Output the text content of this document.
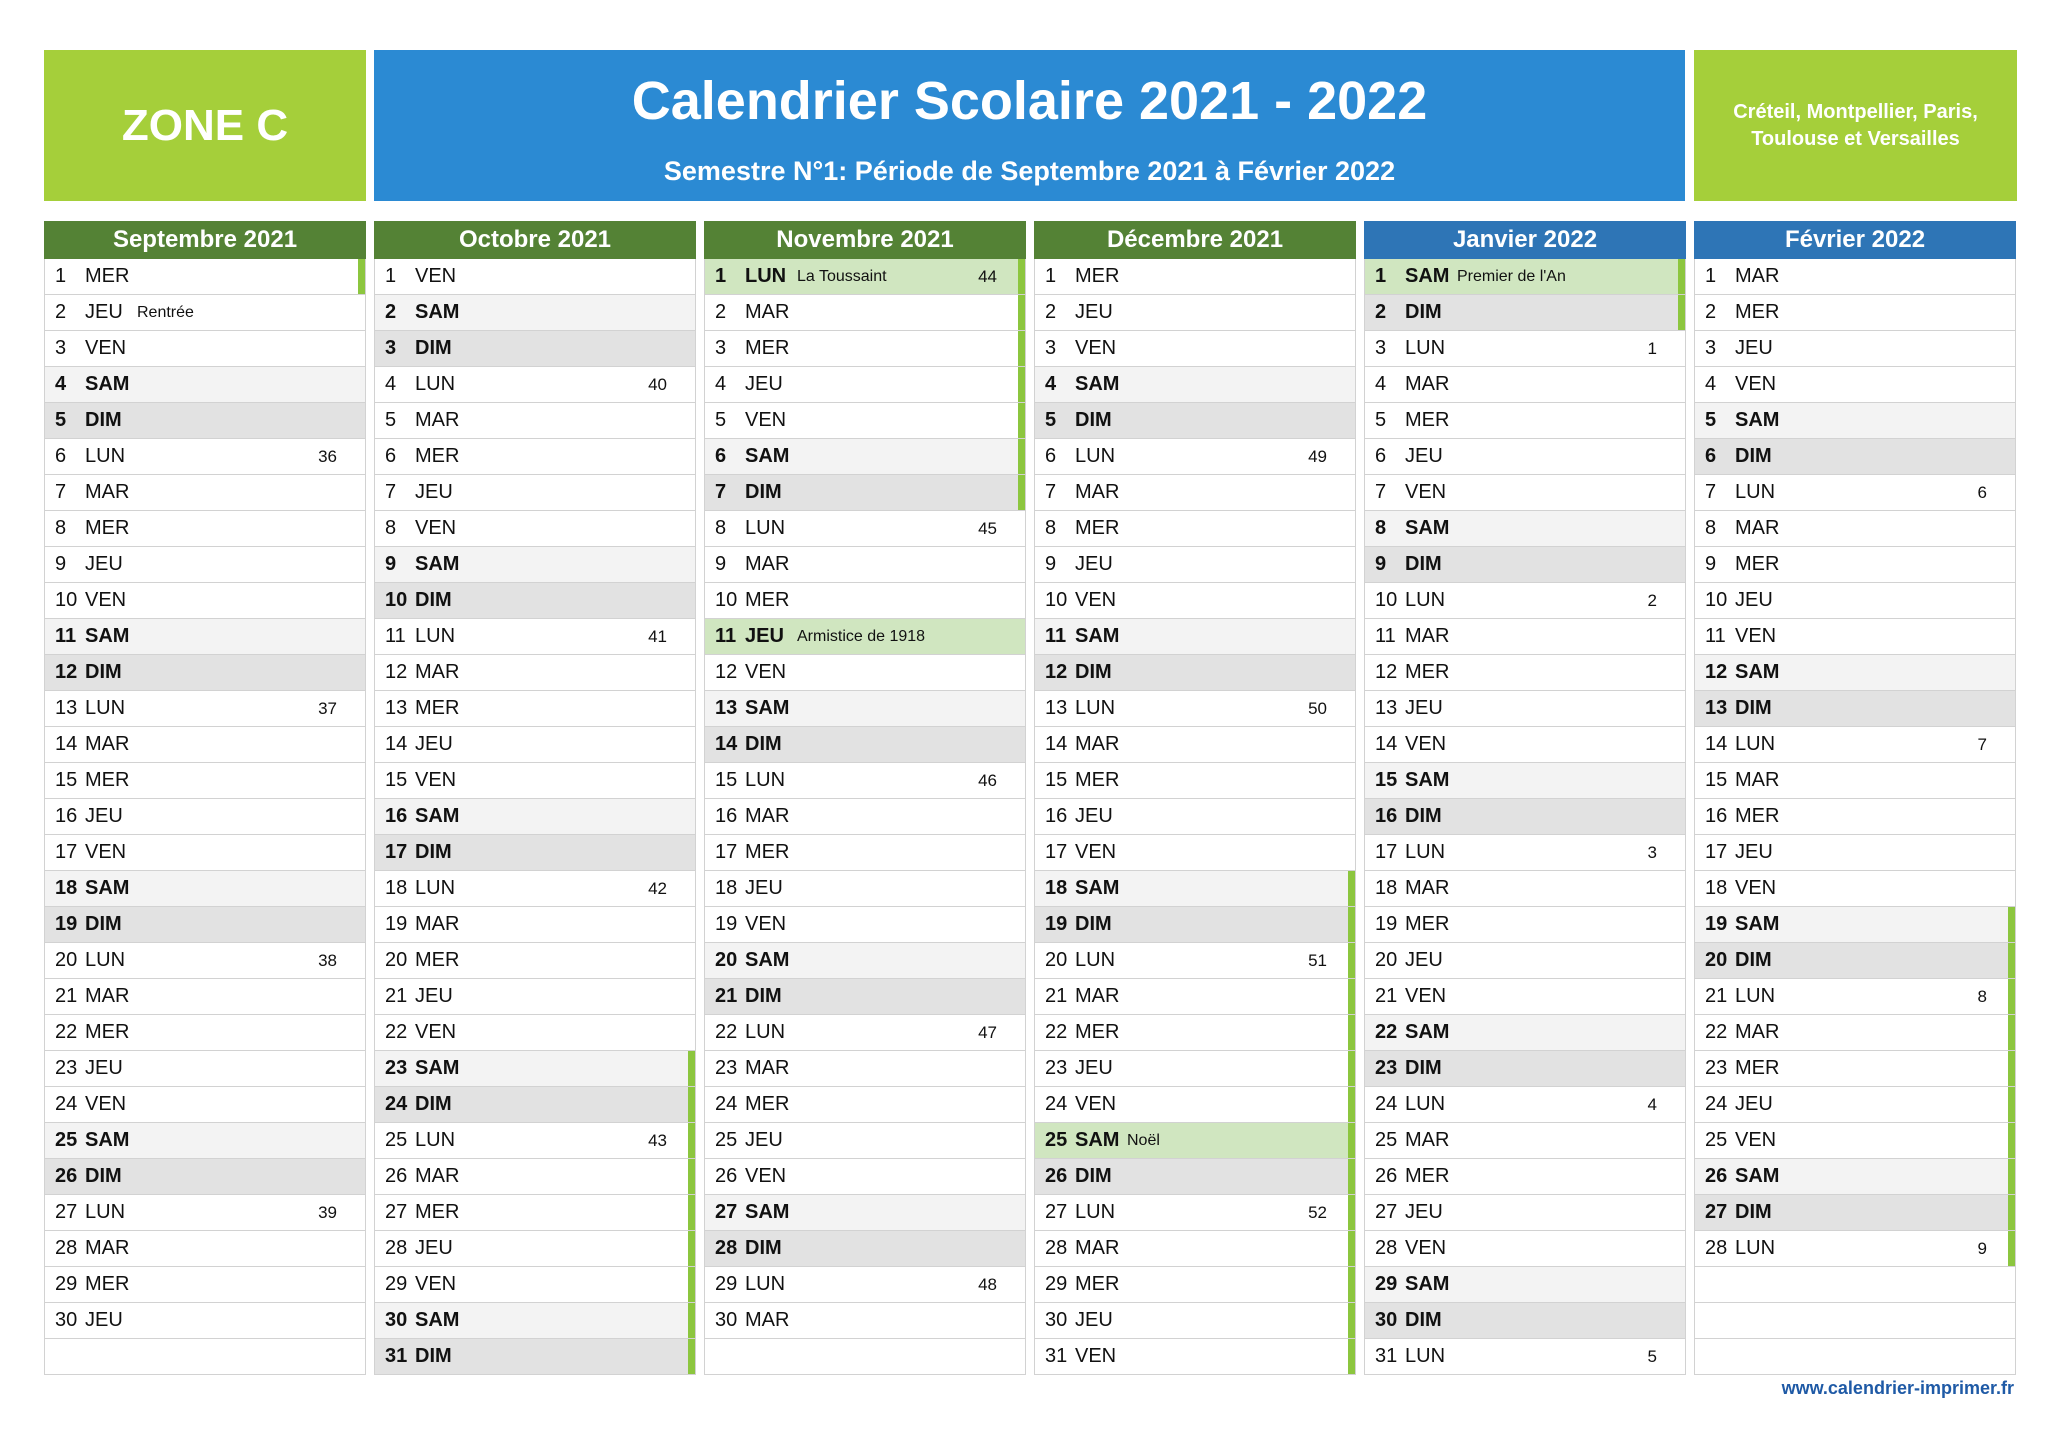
ZONE C	Calendrier Scolaire 2021 - 2022
Semestre N°1: Période de Septembre 2021 à Février 2022
Créteil, Montpellier, Paris, Toulouse et Versailles
Septembre 2021
1 MER
2 JEU Rentrée
3 VEN
4 SAM
5 DIM
6 LUN	36
7 MAR
8 MER
9 JEU
10 VEN
11 SAM
12 DIM
13 LUN	37
14 MAR
15 MER
16 JEU
17 VEN
18 SAM
19 DIM
20 LUN	38
21 MAR
22 MER
23 JEU
24 VEN
25 SAM
26 DIM
27 LUN	39
28 MAR
29 MER
30 JEU
Octobre 2021
1 VEN
2 SAM
3 DIM
4 LUN	40
5 MAR
6 MER
7 JEU
8 VEN
9 SAM
10 DIM
11 LUN	41
12 MAR
13 MER
14 JEU
15 VEN
16 SAM
17 DIM
18 LUN	42
19 MAR
20 MER
21 JEU
22 VEN
23 SAM
24 DIM
25 LUN	43
26 MAR
27 MER
28 JEU
29 VEN
30 SAM
31 DIM
Novembre 2021
1 LUN La Toussaint	44
2 MAR
3 MER
4 JEU
5 VEN
6 SAM
7 DIM
8 LUN	45
9 MAR
10 MER
11 JEU Armistice de 1918
12 VEN
13 SAM
14 DIM
15 LUN	46
16 MAR
17 MER
18 JEU
19 VEN
20 SAM
21 DIM
22 LUN	47
23 MAR
24 MER
25 JEU
26 VEN
27 SAM
28 DIM
29 LUN	48
30 MAR
Décembre 2021
1 MER
2 JEU
3 VEN
4 SAM
5 DIM
6 LUN	49
7 MAR
8 MER
9 JEU
10 VEN
11 SAM
12 DIM
13 LUN	50
14 MAR
15 MER
16 JEU
17 VEN
18 SAM
19 DIM
20 LUN	51
21 MAR
22 MER
23 JEU
24 VEN
25 SAM Noël
26 DIM
27 LUN	52
28 MAR
29 MER
30 JEU
31 VEN
Janvier 2022
1 SAM Premier de l'An
2 DIM
3 LUN	1
4 MAR
5 MER
6 JEU
7 VEN
8 SAM
9 DIM
10 LUN	2
11 MAR
12 MER
13 JEU
14 VEN
15 SAM
16 DIM
17 LUN	3
18 MAR
19 MER
20 JEU
21 VEN
22 SAM
23 DIM
24 LUN	4
25 MAR
26 MER
27 JEU
28 VEN
29 SAM
30 DIM
31 LUN	5
Février 2022
1 MAR
2 MER
3 JEU
4 VEN
5 SAM
6 DIM
7 LUN	6
8 MAR
9 MER
10 JEU
11 VEN
12 SAM
13 DIM
14 LUN	7
15 MAR
16 MER
17 JEU
18 VEN
19 SAM
20 DIM
21 LUN	8
22 MAR
23 MER
24 JEU
25 VEN
26 SAM
27 DIM
28 LUN	9
www.calendrier-imprimer.fr
